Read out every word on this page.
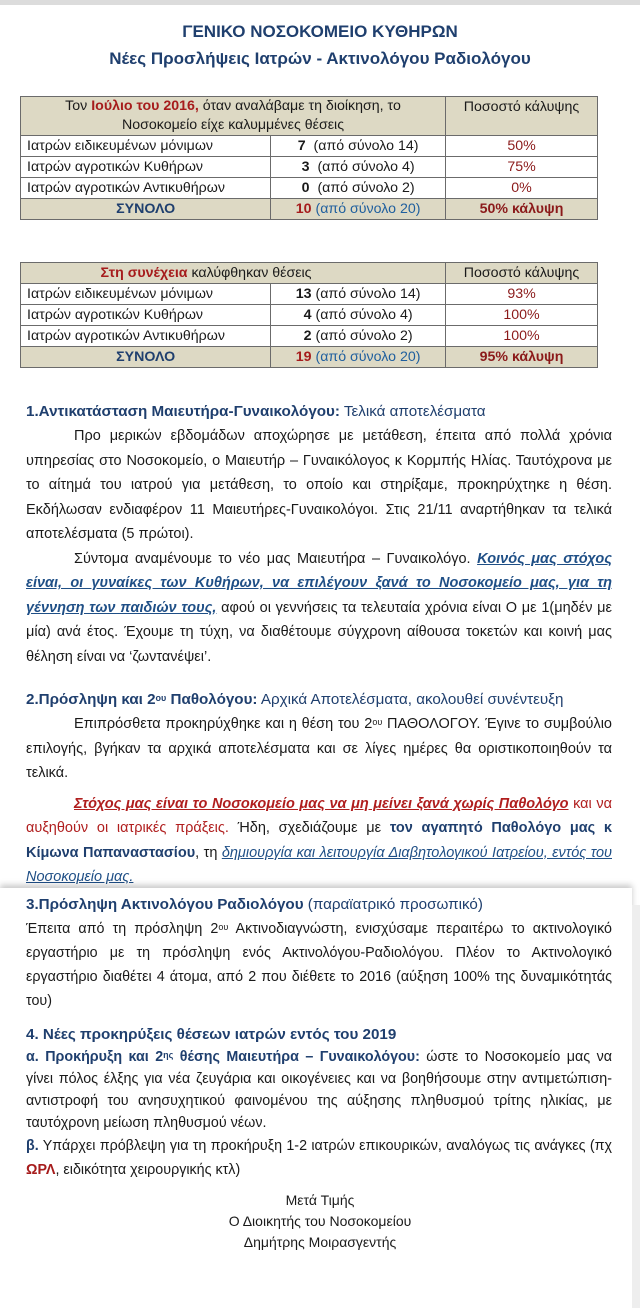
ΓΕΝΙΚΟ ΝΟΣΟΚΟΜΕΙΟ ΚΥΘΗΡΩΝ
Νέες Προσλήψεις Ιατρών - Ακτινολόγου Ραδιολόγου
Τον Ιούλιο του 2016, όταν αναλάβαμε τη διοίκηση, το Νοσοκομείο είχε καλυμμένες θέσεις		Ποσοστό κάλυψης
Ιατρών ειδικευμένων μόνιμων	7 (από σύνολο 14)	50%
Ιατρών αγροτικών Κυθήρων	3 (από σύνολο 4)	75%
Ιατρών αγροτικών Αντικυθήρων	0 (από σύνολο 2)	0%
ΣΥΝΟΛΟ	10 (από σύνολο 20)	50% κάλυψη
Στη συνέχεια καλύφθηκαν θέσεις		Ποσοστό κάλυψης
Ιατρών ειδικευμένων μόνιμων	13 (από σύνολο 14)	93%
Ιατρών αγροτικών Κυθήρων	4 (από σύνολο 4)	100%
Ιατρών αγροτικών Αντικυθήρων	2 (από σύνολο 2)	100%
ΣΥΝΟΛΟ	19 (από σύνολο 20)	95% κάλυψη
1.Αντικατάσταση Μαιευτήρα-Γυναικολόγου: Τελικά αποτελέσματα

Προ μερικών εβδομάδων αποχώρησε με μετάθεση, έπειτα από πολλά χρόνια υπηρεσίας στο Νοσοκομείο, ο Μαιευτήρ – Γυναικόλογος κ Κορμπής Ηλίας. Ταυτόχρονα με το αίτημά του ιατρού για μετάθεση, το οποίο και στηρίξαμε, προκηρύχτηκε η θέση. Εκδήλωσαν ενδιαφέρον 11 Μαιευτήρες-Γυναικολόγοι. Στις 21/11 αναρτήθηκαν τα τελικά αποτελέσματα (5 πρώτοι).

Σύντομα αναμένουμε το νέο μας Μαιευτήρα – Γυναικολόγο. Κοινός μας στόχος είναι, οι γυναίκες των Κυθήρων, να επιλέγουν ξανά το Νοσοκομείο μας, για τη γέννηση των παιδιών τους, αφού οι γεννήσεις τα τελευταία χρόνια είναι Ο με 1(μηδέν με μία) ανά έτος. Έχουμε τη τύχη, να διαθέτουμε σύγχρονη αίθουσα τοκετών και κοινή μας θέληση είναι να ‘ζωντανέψει’.

2.Πρόσληψη και $2^{o\upsilon}$ Παθολόγου: Αρχικά Αποτελέσματα, ακολουθεί συνέντευξη

Επιπρόσθετα προκηρύχθηκε και η θέση του $2^{o\upsilon}$ ΠΑΘΟΛΟΓΟΥ. Έγινε το συμβούλιο επιλογής, βγήκαν τα αρχικά αποτελέσματα και σε λίγες ημέρες θα οριστικοποιηθούν τα τελικά.

Στόχος μας είναι το Νοσοκομείο μας να μη μείνει ξανά χωρίς Παθολόγο και να αυξηθούν οι ιατρικές πράξεις. Ήδη, σχεδιάζουμε με τον αγαπητό Παθολόγο μας κ Κίμωνα Παπαναστασίου, τη δημιουργία και λειτουργία Διαβητολογικού Ιατρείου, εντός του Νοσοκομείο μας.

3.Πρόσληψη Ακτινολόγου Ραδιολόγου (παραϊατρικό προσωπικό)

Έπειτα από τη πρόσληψη $2^{o\upsilon}$ Ακτινοδιαγνώστη, ενισχύσαμε περαιτέρω το ακτινολογικό εργαστήριο με τη πρόσληψη ενός Ακτινολόγου-Ραδιολόγου. Πλέον το Ακτινολογικό εργαστήριο διαθέτει 4 άτομα, από 2 που διέθετε το 2016 (αύξηση 100% της δυναμικότητάς του)

4. Νέες προκηρύξεις θέσεων ιατρών εντός του 2019

α. Προκήρυξη και $2^{\eta\varsigma}$ θέσης Μαιευτήρα – Γυναικολόγου: ώστε το Νοσοκομείο μας να γίνει πόλος έλξης για νέα ζευγάρια και οικογένειες και να βοηθήσουμε στην αντιμετώπιση-αντιστροφή του ανησυχητικού φαινομένου της αύξησης πληθυσμού τρίτης ηλικίας, με ταυτόχρονη μείωση πληθυσμού νέων.

β. Υπάρχει πρόβλεψη για τη προκήρυξη 1-2 ιατρών επικουρικών, αναλόγως τις ανάγκες (πχ ΩΡΛ, ειδικότητα χειρουργικής κτλ)

Μετά Τιμής
Ο Διοικητής του Νοσοκομείου
Δημήτρης Μοιρασγεντής
